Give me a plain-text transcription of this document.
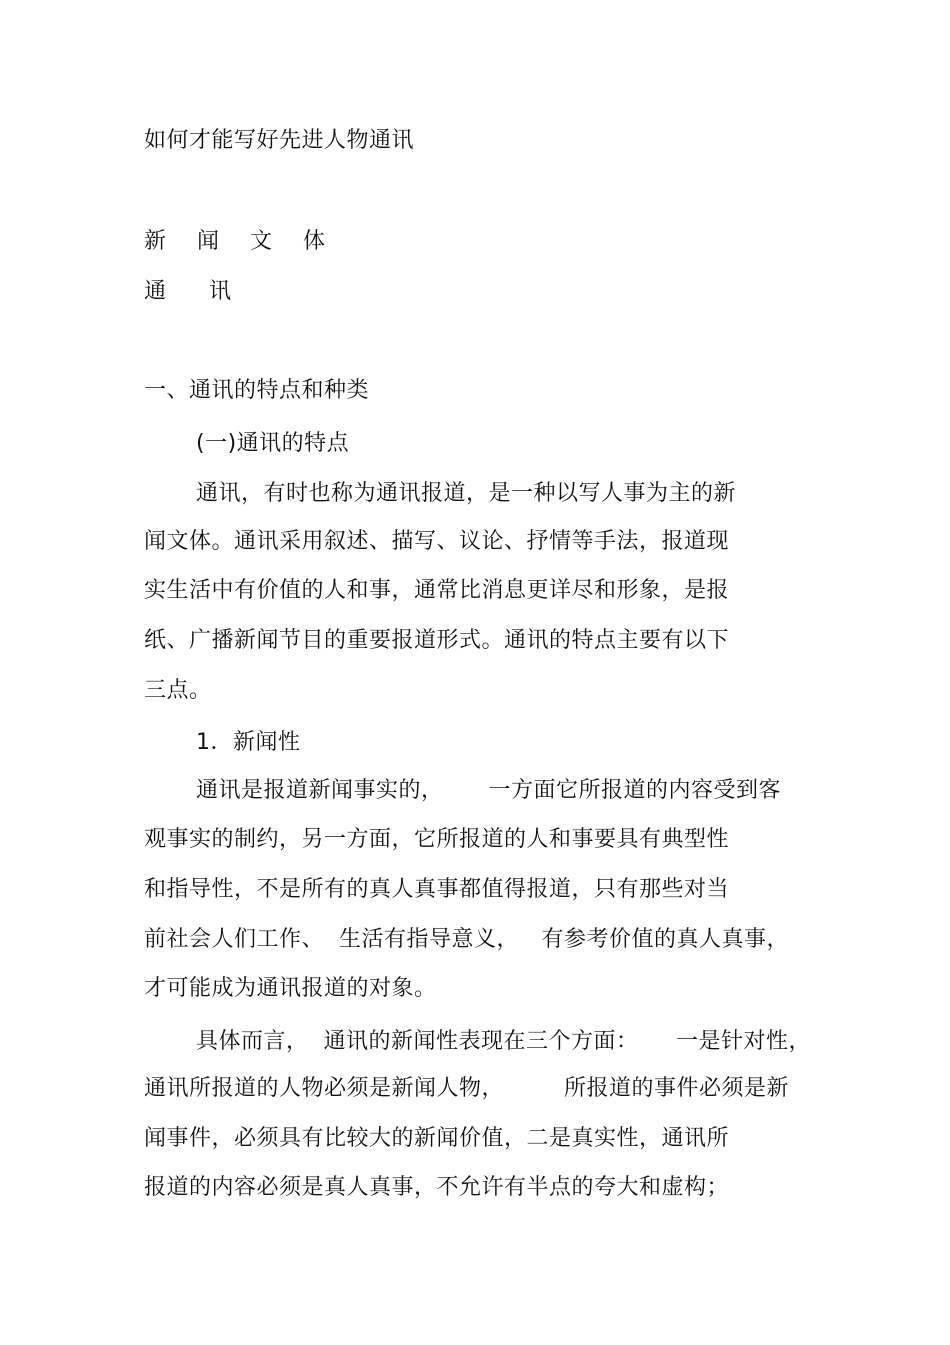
如何才能写好先进人物通讯
新 闻 文 体
通 讯
一、通讯的特点和种类
(一)通讯的特点
通讯，有时也称为通讯报道，是一种以写人事为主的新
闻文体。通讯采用叙述、描写、议论、抒情等手法，报道现
实生活中有价值的人和事，通常比消息更详尽和形象，是报
纸、广播新闻节目的重要报道形式。通讯的特点主要有以下
三点。
1．新闻性
通讯是报道新闻事实的，      一方面它所报道的内容受到客
观事实的制约，另一方面，它所报道的人和事要具有典型性
和指导性，不是所有的真人真事都值得报道，只有那些对当
前社会人们工作、  生活有指导意义，   有参考价值的真人真事，
才可能成为通讯报道的对象。
具体而言，  通讯的新闻性表现在三个方面：     一是针对性，
通讯所报道的人物必须是新闻人物，        所报道的事件必须是新
闻事件，必须具有比较大的新闻价值，二是真实性，通讯所
报道的内容必须是真人真事，不允许有半点的夸大和虚构；
